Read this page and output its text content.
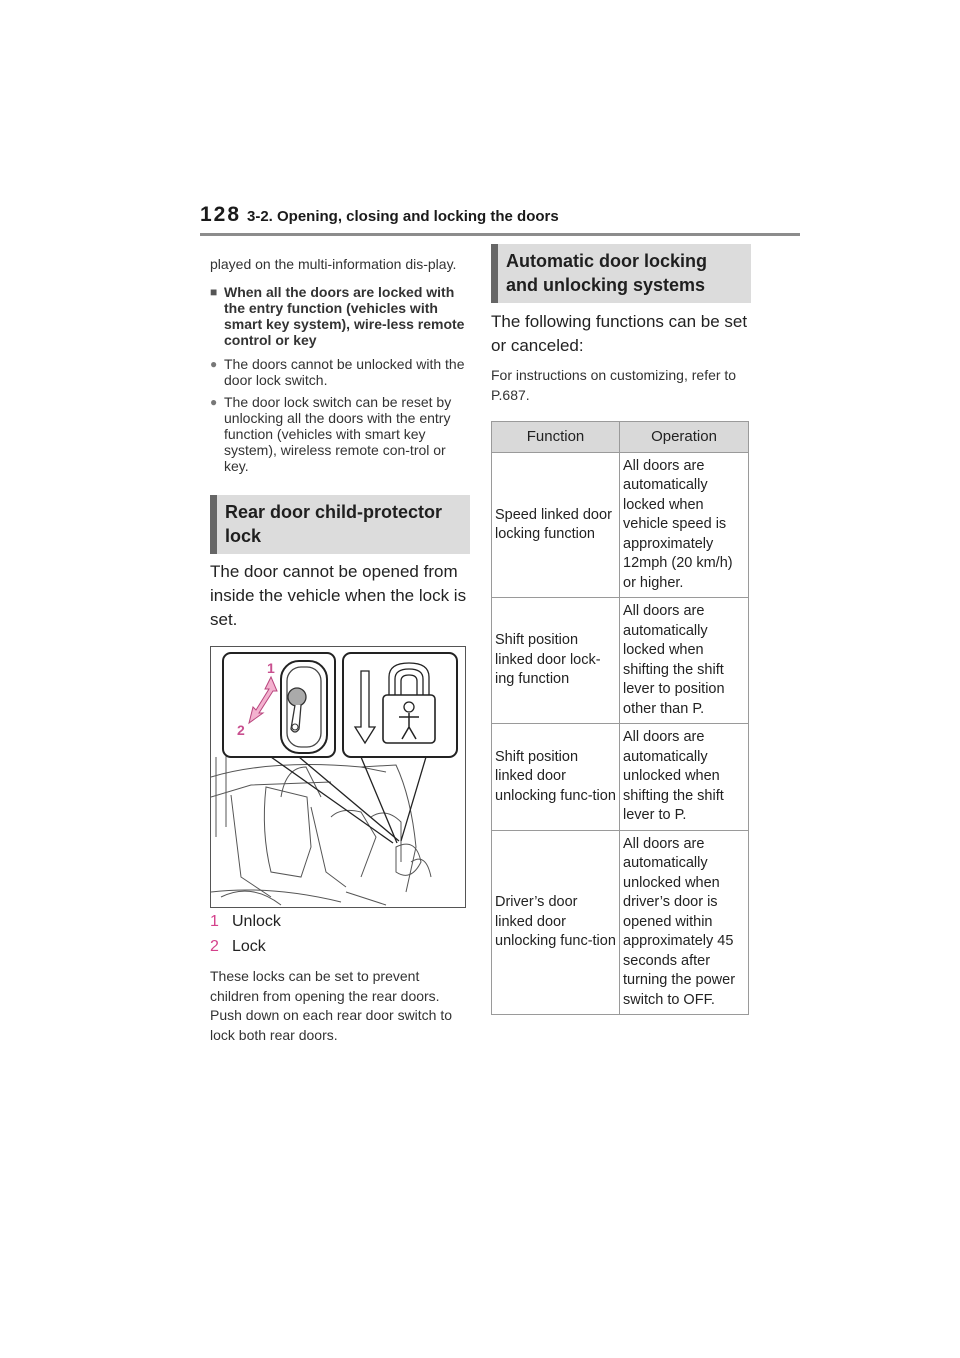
128 3-2. Opening, closing and locking the doors

played on the multi-information dis-play.

■ When all the doors are locked with the entry function (vehicles with smart key system), wire-less remote control or key

● The doors cannot be unlocked with the door lock switch.

● The door lock switch can be reset by unlocking all the doors with the entry function (vehicles with smart key system), wireless remote con-trol or key.

Rear door child-protector lock

The door cannot be opened from inside the vehicle when the lock is set.

1
2
1 Unlock
2 Lock

These locks can be set to prevent children from opening the rear doors. Push down on each rear door switch to lock both rear doors.

Automatic door locking and unlocking systems

The following functions can be set or canceled:

For instructions on customizing, refer to P.687.

Function	Operation
Speed linked door locking function	All doors are automatically locked when vehicle speed is approximately 12mph (20 km/h) or higher.
Shift position linked door lock-ing function	All doors are automatically locked when shifting the shift lever to position other than P.
Shift position linked door unlocking func-tion	All doors are automatically unlocked when shifting the shift lever to P.
Driver’s door linked door unlocking func-tion	All doors are automatically unlocked when driver’s door is opened within approximately 45 seconds after turning the power switch to OFF.
